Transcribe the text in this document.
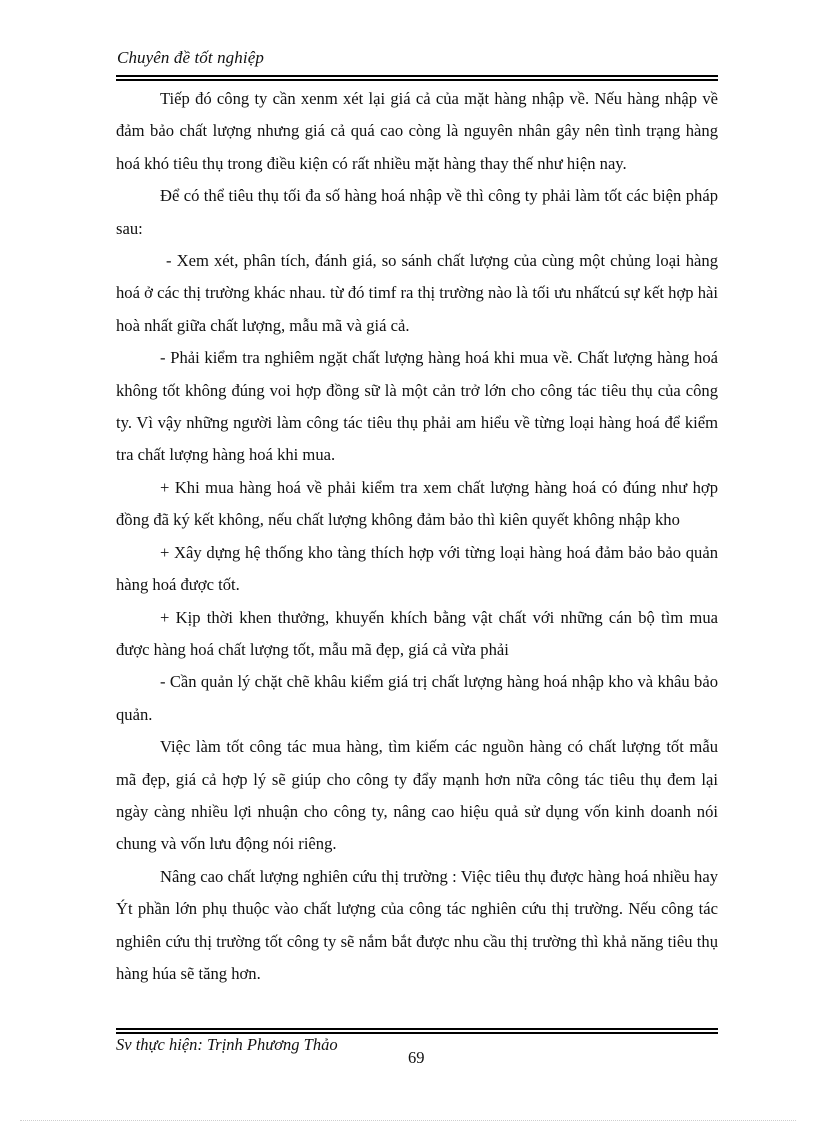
Chuyên đề tốt nghiệp

Tiếp đó công ty cần xenm xét lại giá cả của mặt hàng nhập về. Nếu hàng nhập về đảm bảo chất lượng nhưng giá cả quá cao còng là nguyên nhân gây nên tình trạng hàng hoá khó tiêu thụ trong điều kiện có rất nhiều mặt hàng thay thế như hiện nay.

Để có thể tiêu thụ tối đa số hàng hoá nhập về thì công ty phải làm tốt các biện pháp sau:

- Xem xét, phân tích, đánh giá, so sánh chất lượng của cùng một chủng loại hàng hoá ở các thị trường khác nhau. từ đó timf ra thị trường nào là tối ưu nhấtcú sự kết hợp hài hoà nhất giữa chất lượng, mẫu mã và giá cả.

- Phải kiểm tra nghiêm ngặt chất lượng hàng hoá khi mua về. Chất lượng hàng hoá không tốt không đúng voi hợp đồng sữ là một cản trở lớn cho công tác tiêu thụ của công ty. Vì vậy những người làm công tác tiêu thụ phải am hiểu về từng loại hàng hoá để kiểm tra chất lượng hàng hoá khi mua.

+ Khi mua hàng hoá về phải kiểm tra xem chất lượng hàng hoá có đúng như hợp đồng đã ký kết không, nếu chất lượng không đảm bảo thì kiên quyết không nhập kho

+ Xây dựng hệ thống kho tàng thích hợp với từng loại hàng hoá đảm bảo bảo quản hàng hoá được tốt.

+ Kịp thời khen thưởng, khuyến khích bằng vật chất với những cán bộ tìm mua được hàng hoá chất lượng tốt, mẫu mã đẹp, giá cả vừa phải

- Cần quản lý chặt chẽ khâu kiểm giá trị chất lượng hàng hoá nhập kho và khâu bảo quản.

Việc làm tốt công tác mua hàng, tìm kiếm các nguồn hàng có chất lượng tốt mẫu mã đẹp, giá cả hợp lý sẽ giúp cho công ty đẩy mạnh hơn nữa công tác tiêu thụ đem lại ngày càng nhiều lợi nhuận cho công ty, nâng cao hiệu quả sử dụng vốn kinh doanh nói chung và vốn lưu động nói riêng.

Nâng cao chất lượng nghiên cứu thị trường : Việc tiêu thụ được hàng hoá nhiều hay Ýt phần lớn phụ thuộc vào chất lượng của công tác nghiên cứu thị trường. Nếu công tác nghiên cứu thị trường tốt công ty sẽ nắm bắt được nhu cầu thị trường thì khả năng tiêu thụ hàng húa sẽ tăng hơn.

Sv thực hiện: Trịnh Phương Thảo
69
